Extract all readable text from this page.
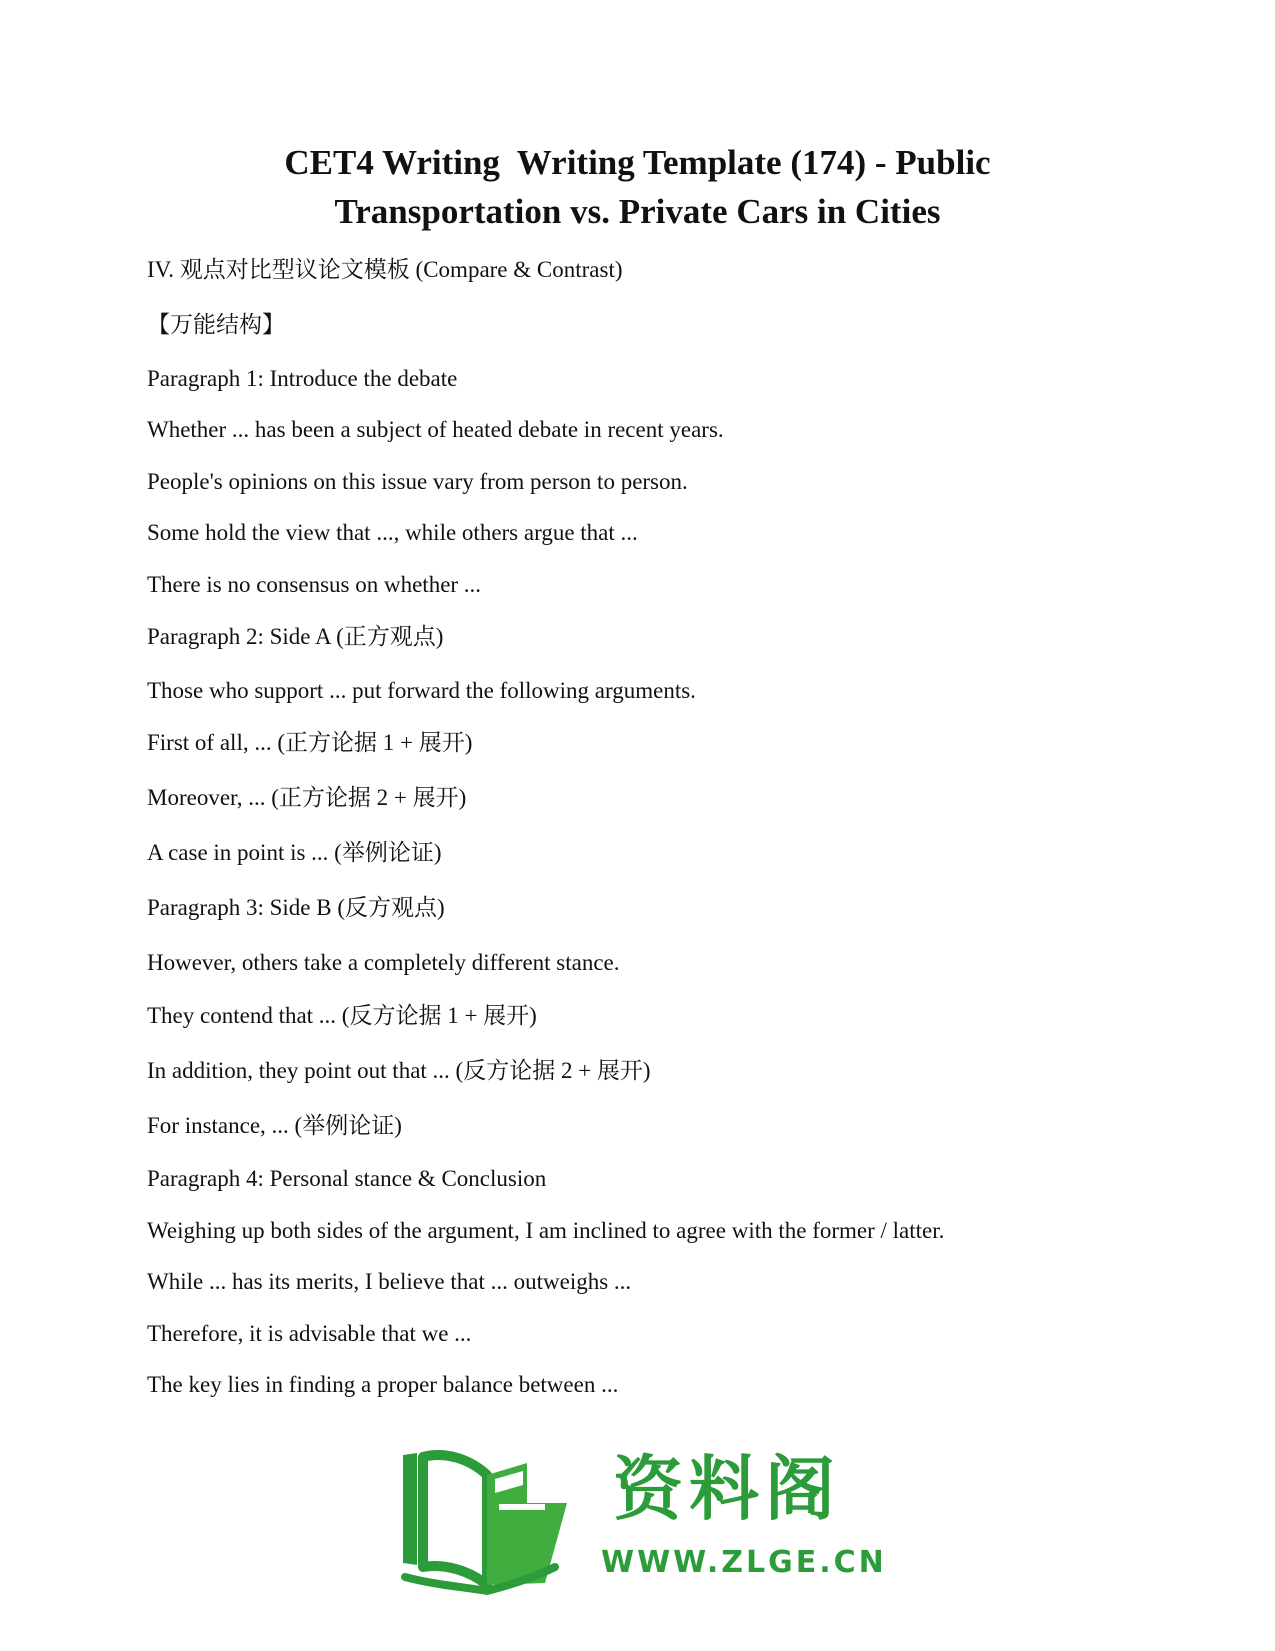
CET4 Writing  Writing Template (174) - Public
Transportation vs. Private Cars in Cities

IV. 观点对比型议论文模板 (Compare & Contrast)

【万能结构】

Paragraph 1: Introduce the debate

Whether ... has been a subject of heated debate in recent years.

People's opinions on this issue vary from person to person.

Some hold the view that ..., while others argue that ...

There is no consensus on whether ...

Paragraph 2: Side A (正方观点)

Those who support ... put forward the following arguments.

First of all, ... (正方论据 1 + 展开)

Moreover, ... (正方论据 2 + 展开)

A case in point is ... (举例论证)

Paragraph 3: Side B (反方观点)

However, others take a completely different stance.

They contend that ... (反方论据 1 + 展开)

In addition, they point out that ... (反方论据 2 + 展开)

For instance, ... (举例论证)

Paragraph 4: Personal stance & Conclusion

Weighing up both sides of the argument, I am inclined to agree with the former / latter.

While ... has its merits, I believe that ... outweighs ...

Therefore, it is advisable that we ...

The key lies in finding a proper balance between ...

资料阁
WWW.ZLGE.CN
